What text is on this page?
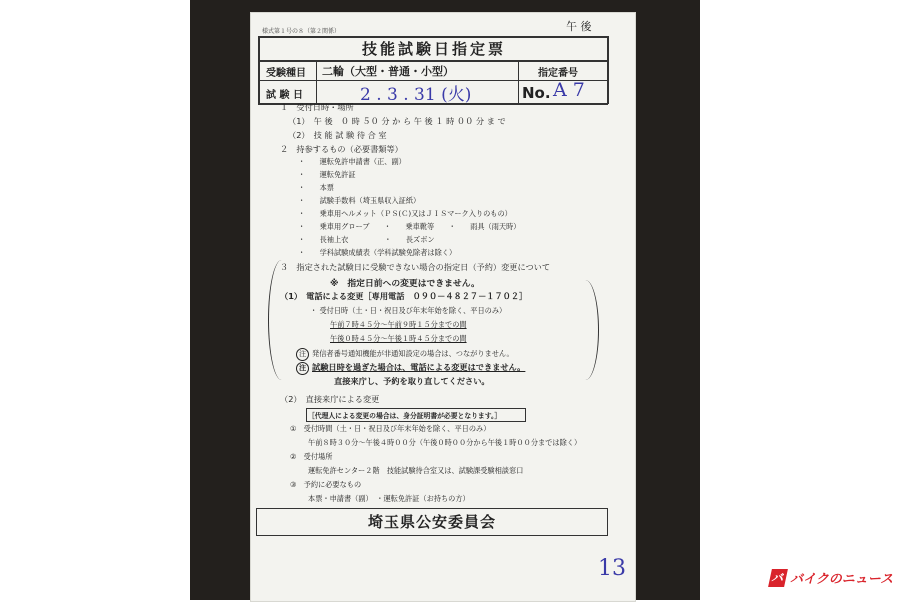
様式第１号の８（第２関係）	午 後
技能試験日指定票
受験種目 二輪（大型・普通・小型）	指定番号
試 験 日	2 . 3 . 31 (火)	No. A 7
１　受付日時・場所
（1）　午 後　０ 時 ５０ 分 か ら 午 後 １ 時 ００ 分 ま で
（2）　技 能 試 験 待 合 室
２　持参するもの（必要書類等）
・　　運転免許申請書（正、副）
・　　運転免許証
・　　本票
・　　試験手数料（埼玉県収入証紙）
・　　乗車用ヘルメット（ＰＳ(Ｃ)又はＪＩＳマーク入りのもの）
・　　乗車用グローブ　　・　　乗車靴等　　・　　雨具（雨天時）
・　　長袖上衣　　　　　・　　長ズボン
・　　学科試験成績表（学科試験免除者は除く）
３　指定された試験日に受験できない場合の指定日（予約）変更について
※　指定日前への変更はできません。
（1）　電話による変更［専用電話　０９０－４８２７－１７０２］
・ 受付日時（土・日・祝日及び年末年始を除く、平日のみ）
午前７時４５分～午前９時１５分までの間
午後０時４５分～午後１時４５分までの間
注 発信者番号通知機能が非通知設定の場合は、つながりません。
注 試験日時を過ぎた場合は、電話による変更はできません。
直接来庁し、予約を取り直してください。
（2）　直接来庁による変更
［代理人による変更の場合は、身分証明書が必要となります。］
①　 受付時間（土・日・祝日及び年末年始を除く、平日のみ）
午前８時３０分～午後４時００分（午後０時００分から午後１時００分までは除く）
②　 受付場所
運転免許センター２階　技能試験待合室又は、試験課受験相談窓口
③　 予約に必要なもの
本票・申請書（副）　・運転免許証（お持ちの方）
埼玉県公安委員会
13	バ バイクのニュース
